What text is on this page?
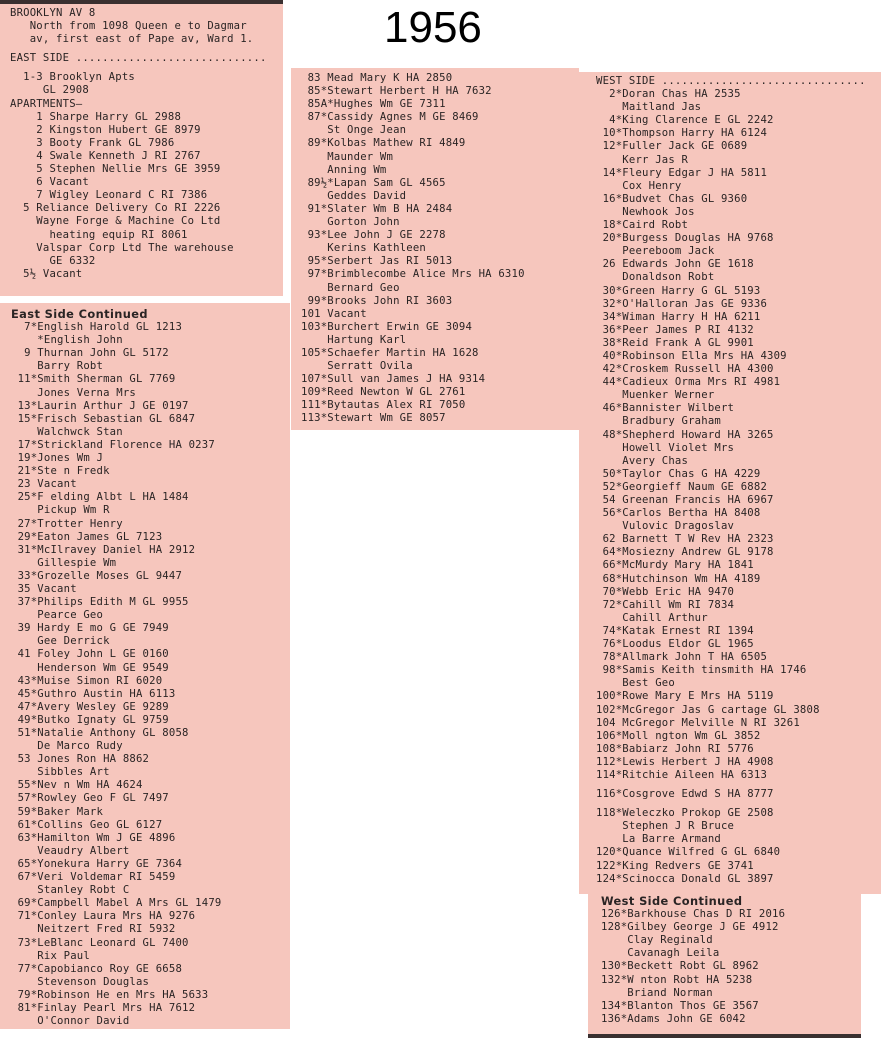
1956
BROOKLYN AV 8
North from 1098 Queen e to Dagmar
av, first east of Pape av, Ward 1.
EAST SIDE .............................
1-3 Brooklyn Apts
GL 2908
APARTMENTS—
1 Sharpe Harry GL 2988
2 Kingston Hubert GE 8979
3 Booty Frank GL 7986
4 Swale Kenneth J RI 2767
5 Stephen Nellie Mrs GE 3959
6 Vacant
7 Wigley Leonard C RI 7386
5 Reliance Delivery Co RI 2226
Wayne Forge & Machine Co Ltd
heating equip RI 8061
Valspar Corp Ltd The warehouse
GE 6332
5½ Vacant
East Side Continued
7*English Harold GL 1213
*English John
9 Thurnan John GL 5172
Barry Robt
11*Smith Sherman GL 7769
Jones Verna Mrs
13*Laurin Arthur J GE 0197
15*Frisch Sebastian GL 6847
Walchwck Stan
17*Strickland Florence HA 0237
19*Jones Wm J
21*Ste n Fredk
23 Vacant
25*F elding Albt L HA 1484
Pickup Wm R
27*Trotter Henry
29*Eaton James GL 7123
31*McIlravey Daniel HA 2912
Gillespie Wm
33*Grozelle Moses GL 9447
35 Vacant
37*Philips Edith M GL 9955
Pearce Geo
39 Hardy E mo G GE 7949
Gee Derrick
41 Foley John L GE 0160
Henderson Wm GE 9549
43*Muise Simon RI 6020
45*Guthro Austin HA 6113
47*Avery Wesley GE 9289
49*Butko Ignaty GL 9759
51*Natalie Anthony GL 8058
De Marco Rudy
53 Jones Ron HA 8862
Sibbles Art
55*Nev n Wm HA 4624
57*Rowley Geo F GL 7497
59*Baker Mark
61*Collins Geo GL 6127
63*Hamilton Wm J GE 4896
Veaudry Albert
65*Yonekura Harry GE 7364
67*Veri Voldemar RI 5459
Stanley Robt C
69*Campbell Mabel A Mrs GL 1479
71*Conley Laura Mrs HA 9276
Neitzert Fred RI 5932
73*LeBlanc Leonard GL 7400
Rix Paul
77*Capobianco Roy GE 6658
Stevenson Douglas
79*Robinson He en Mrs HA 5633
81*Finlay Pearl Mrs HA 7612
O'Connor David
83 Mead Mary K HA 2850
85*Stewart Herbert H HA 7632
85A*Hughes Wm GE 7311
87*Cassidy Agnes M GE 8469
St Onge Jean
89*Kolbas Mathew RI 4849
Maunder Wm
Anning Wm
89½*Lapan Sam GL 4565
Geddes David
91*Slater Wm B HA 2484
Gorton John
93*Lee John J GE 2278
Kerins Kathleen
95*Serbert Jas RI 5013
97*Brimblecombe Alice Mrs HA 6310
Bernard Geo
99*Brooks John RI 3603
101 Vacant
103*Burchert Erwin GE 3094
Hartung Karl
105*Schaefer Martin HA 1628
Serratt Ovila
107*Sull van James J HA 9314
109*Reed Newton W GL 2761
111*Bytautas Alex RI 7050
113*Stewart Wm GE 8057
WEST SIDE ...............................
2*Doran Chas HA 2535
Maitland Jas
4*King Clarence E GL 2242
10*Thompson Harry HA 6124
12*Fuller Jack GE 0689
Kerr Jas R
14*Fleury Edgar J HA 5811
Cox Henry
16*Budvet Chas GL 9360
Newhook Jos
18*Caird Robt
20*Burgess Douglas HA 9768
Peereboom Jack
26 Edwards John GE 1618
Donaldson Robt
30*Green Harry G GL 5193
32*O'Halloran Jas GE 9336
34*Wiman Harry H HA 6211
36*Peer James P RI 4132
38*Reid Frank A GL 9901
40*Robinson Ella Mrs HA 4309
42*Croskem Russell HA 4300
44*Cadieux Orma Mrs RI 4981
Muenker Werner
46*Bannister Wilbert
Bradbury Graham
48*Shepherd Howard HA 3265
Howell Violet Mrs
Avery Chas
50*Taylor Chas G HA 4229
52*Georgieff Naum GE 6882
54 Greenan Francis HA 6967
56*Carlos Bertha HA 8408
Vulovic Dragoslav
62 Barnett T W Rev HA 2323
64*Mosiezny Andrew GL 9178
66*McMurdy Mary HA 1841
68*Hutchinson Wm HA 4189
70*Webb Eric HA 9470
72*Cahill Wm RI 7834
Cahill Arthur
74*Katak Ernest RI 1394
76*Loodus Eldor GL 1965
78*Allmark John T HA 6505
98*Samis Keith tinsmith HA 1746
Best Geo
100*Rowe Mary E Mrs HA 5119
102*McGregor Jas G cartage GL 3808
104 McGregor Melville N RI 3261
106*Moll ngton Wm GL 3852
108*Babiarz John RI 5776
112*Lewis Herbert J HA 4908
114*Ritchie Aileen HA 6313
116*Cosgrove Edwd S HA 8777
118*Weleczko Prokop GE 2508
Stephen J R Bruce
La Barre Armand
120*Quance Wilfred G GL 6840
122*King Redvers GE 3741
124*Scinocca Donald GL 3897
West Side Continued
126*Barkhouse Chas D RI 2016
128*Gilbey George J GE 4912
Clay Reginald
Cavanagh Leila
130*Beckett Robt GL 8962
132*W nton Robt HA 5238
Briand Norman
134*Blanton Thos GE 3567
136*Adams John GE 6042
